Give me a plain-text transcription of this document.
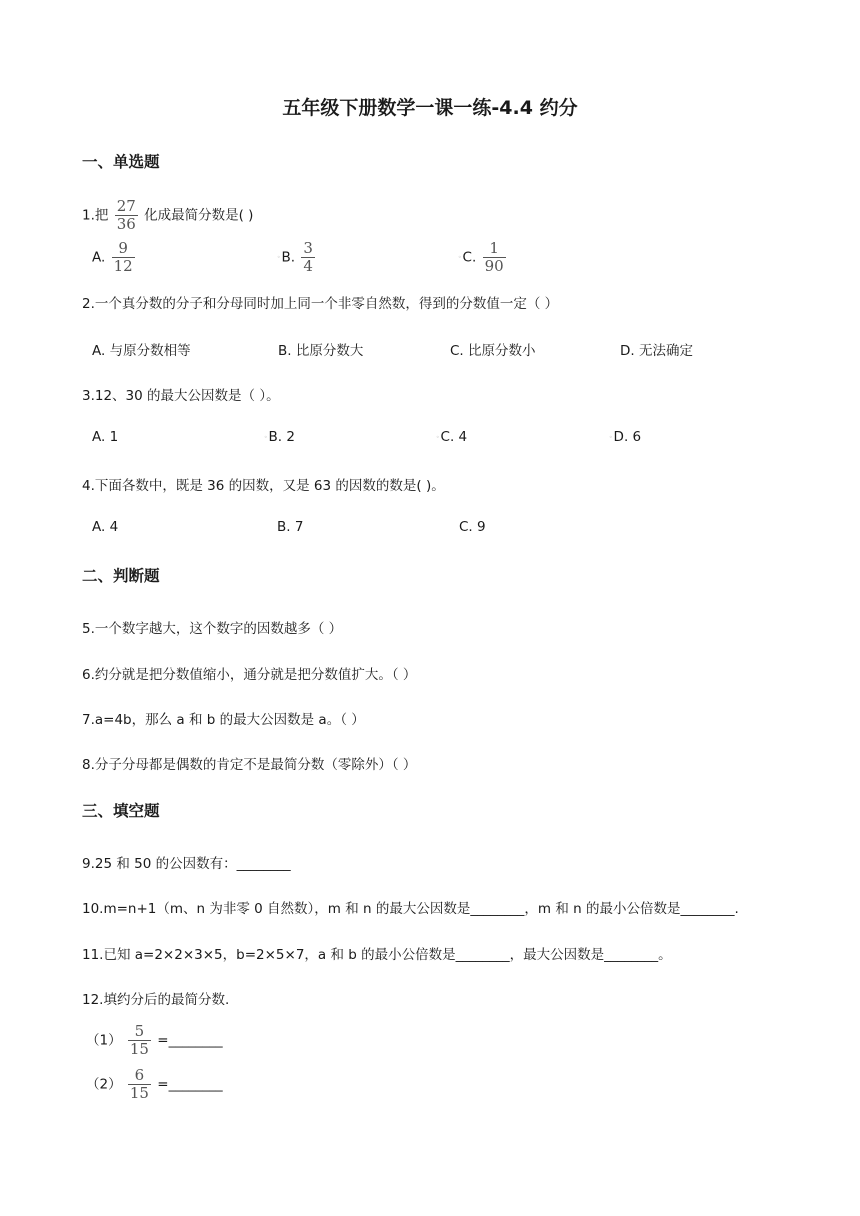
五年级下册数学一课一练-4.4 约分
一、单选题
1.把 $\frac{27}{36}$ 化成最简分数是( )
A. $\frac{9}{12}$	◦B. $\frac{3}{4}$	◦C. $\frac{1}{90}$
2.一个真分数的分子和分母同时加上同一个非零自然数，得到的分数值一定（ ）
A. 与原分数相等	B. 比原分数大	C. 比原分数小	D. 无法确定
3.12、30 的最大公因数是（ ）。
A. 1	◦B. 2	◦C. 4	◦D. 6
4.下面各数中，既是 36 的因数，又是 63 的因数的数是( )。
A. 4	B. 7	C. 9
二、判断题
5.一个数字越大，这个数字的因数越多（ ）
6.约分就是把分数值缩小，通分就是把分数值扩大。（ ）
7.a=4b，那么 a 和 b 的最大公因数是 a。（ ）
8.分子分母都是偶数的肯定不是最简分数（零除外）（ ）
三、填空题
9.25 和 50 的公因数有：________
10.m=n+1（m、n 为非零 0 自然数），m 和 n 的最大公因数是________，m 和 n 的最小公倍数是________.
11.已知 a=2×2×3×5，b=2×5×7，a 和 b 的最小公倍数是________，最大公因数是________。
12.填约分后的最简分数.
$(1) \frac{5}{15}$ =________
$(2) \frac{6}{15}$ =________
